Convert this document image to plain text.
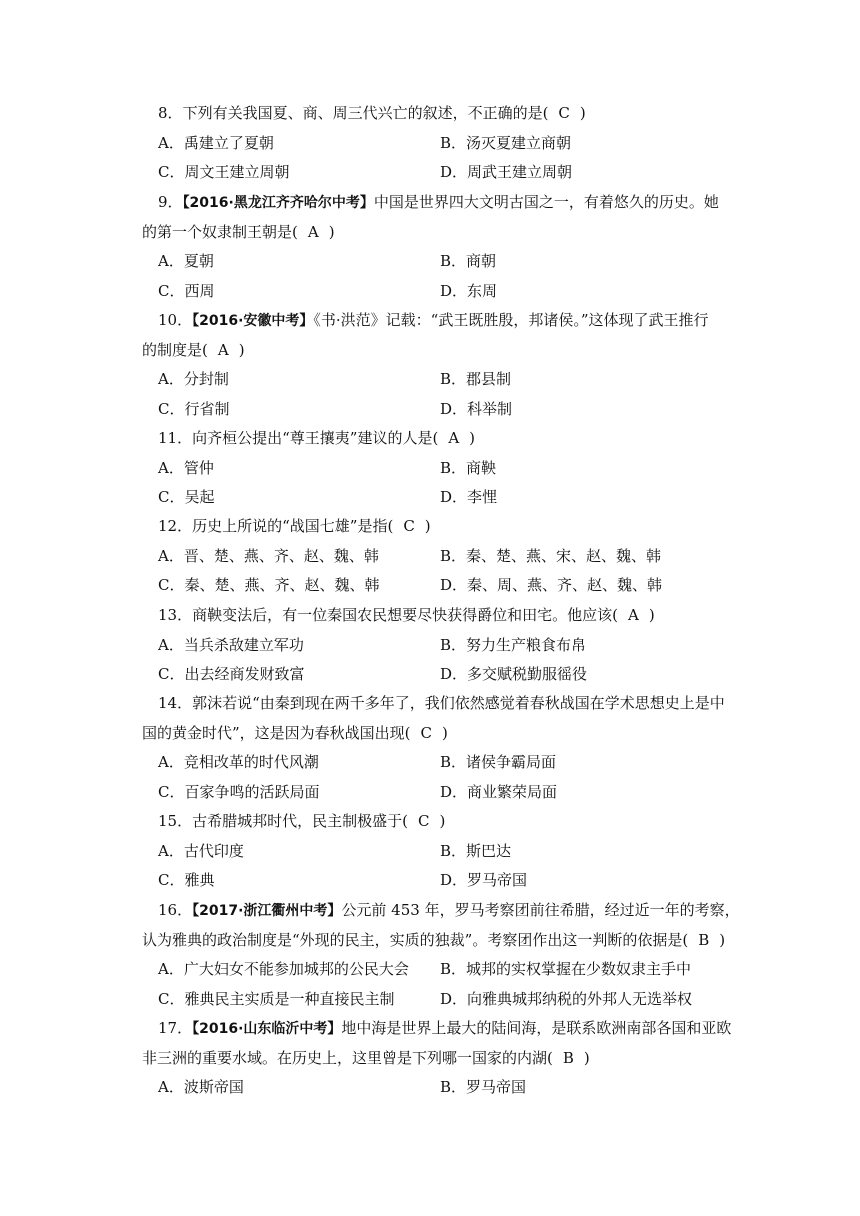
8．下列有关我国夏、商、周三代兴亡的叙述，不正确的是( C )
A．禹建立了夏朝	B．汤灭夏建立商朝
C．周文王建立周朝	D．周武王建立周朝
9．【2016·黑龙江齐齐哈尔中考】中国是世界四大文明古国之一，有着悠久的历史。她
的第一个奴隶制王朝是( A )
A．夏朝	B．商朝
C．西周	D．东周
10．【2016·安徽中考】《书·洪范》记载：“武王既胜殷，邦诸侯。”这体现了武王推行
的制度是( A )
A．分封制	B．郡县制
C．行省制	D．科举制
11．向齐桓公提出“尊王攘夷”建议的人是( A )
A．管仲	B．商鞅
C．吴起	D．李悝
12．历史上所说的“战国七雄”是指( C )
A．晋、楚、燕、齐、赵、魏、韩	B．秦、楚、燕、宋、赵、魏、韩
C．秦、楚、燕、齐、赵、魏、韩	D．秦、周、燕、齐、赵、魏、韩
13．商鞅变法后，有一位秦国农民想要尽快获得爵位和田宅。他应该( A )
A．当兵杀敌建立军功	B．努力生产粮食布帛
C．出去经商发财致富	D．多交赋税勤服徭役
14．郭沫若说“由秦到现在两千多年了，我们依然感觉着春秋战国在学术思想史上是中
国的黄金时代”，这是因为春秋战国出现( C )
A．竞相改革的时代风潮	B．诸侯争霸局面
C．百家争鸣的活跃局面	D．商业繁荣局面
15．古希腊城邦时代，民主制极盛于( C )
A．古代印度	B．斯巴达
C．雅典	D．罗马帝国
16．【2017·浙江衢州中考】公元前 453 年，罗马考察团前往希腊，经过近一年的考察，
认为雅典的政治制度是“外现的民主，实质的独裁”。考察团作出这一判断的依据是( B )
A．广大妇女不能参加城邦的公民大会	B．城邦的实权掌握在少数奴隶主手中
C．雅典民主实质是一种直接民主制	D．向雅典城邦纳税的外邦人无选举权
17．【2016·山东临沂中考】地中海是世界上最大的陆间海，是联系欧洲南部各国和亚欧
非三洲的重要水域。在历史上，这里曾是下列哪一国家的内湖( B )
A．波斯帝国	B．罗马帝国
